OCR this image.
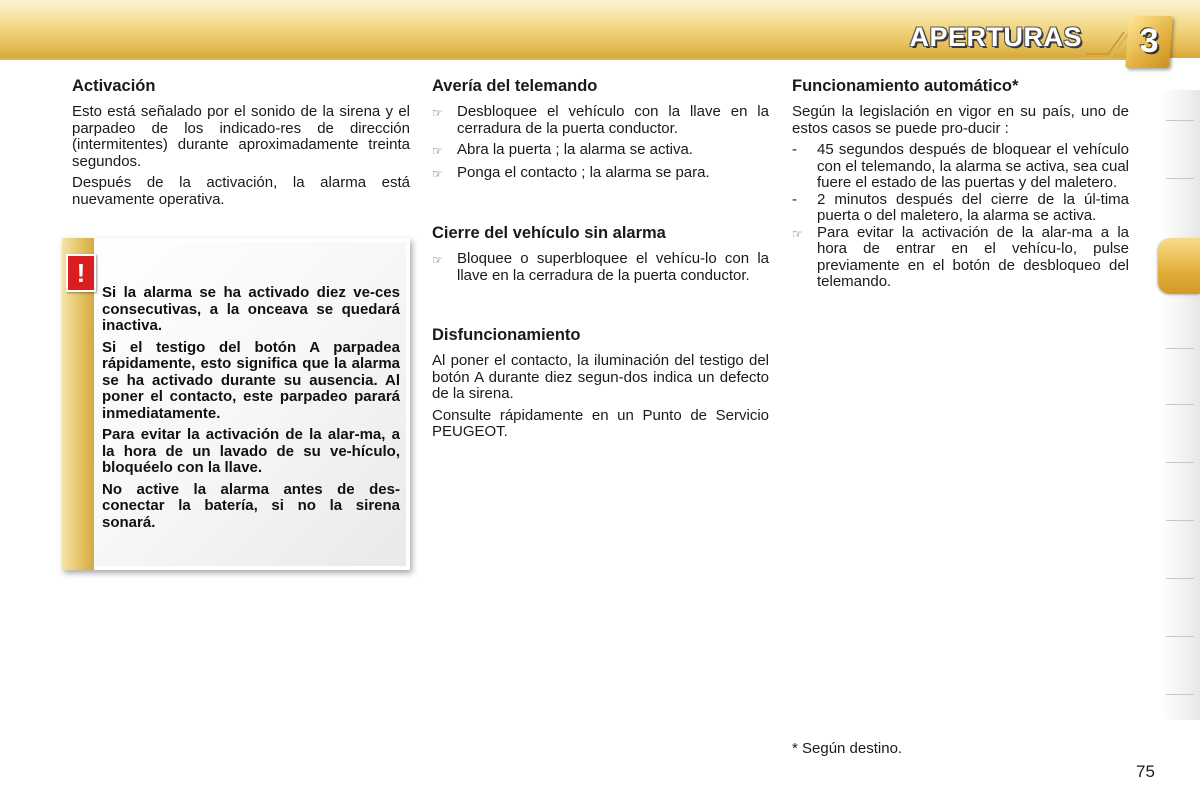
APERTURAS	3
Activación

Esto está señalado por el sonido de la sirena y el parpadeo de los indicado-res de dirección (intermitentes) durante aproximadamente treinta segundos.

Después de la activación, la alarma está nuevamente operativa.

!

Si la alarma se ha activado diez ve-ces consecutivas, a la onceava se quedará inactiva.

Si el testigo del botón A parpadea rápidamente, esto significa que la alarma se ha activado durante su ausencia. Al poner el contacto, este parpadeo parará inmediatamente.

Para evitar la activación de la alar-ma, a la hora de un lavado de su ve-hículo, bloquéelo con la llave.

No active la alarma antes de des-conectar la batería, si no la sirena sonará.

Avería del telemando
☞ Desbloquee el vehículo con la llave en la cerradura de la puerta conductor.
☞ Abra la puerta ; la alarma se activa.
☞ Ponga el contacto ; la alarma se para.
Cierre del vehículo sin alarma
☞ Bloquee o superbloquee el vehícu-lo con la llave en la cerradura de la puerta conductor.
Disfuncionamiento

Al poner el contacto, la iluminación del testigo del botón A durante diez segun-dos indica un defecto de la sirena.

Consulte rápidamente en un Punto de Servicio PEUGEOT.

Funcionamiento automático*

Según la legislación en vigor en su país, uno de estos casos se puede pro-ducir :

-	45 segundos después de bloquear el vehículo con el telemando, la alarma se activa, sea cual fuere el estado de las puertas y del maletero.
-	2 minutos después del cierre de la úl-tima puerta o del maletero, la alarma se activa.
☞ Para evitar la activación de la alar-ma a la hora de entrar en el vehícu-lo, pulse previamente en el botón de desbloqueo del telemando.
* Según destino.
75
